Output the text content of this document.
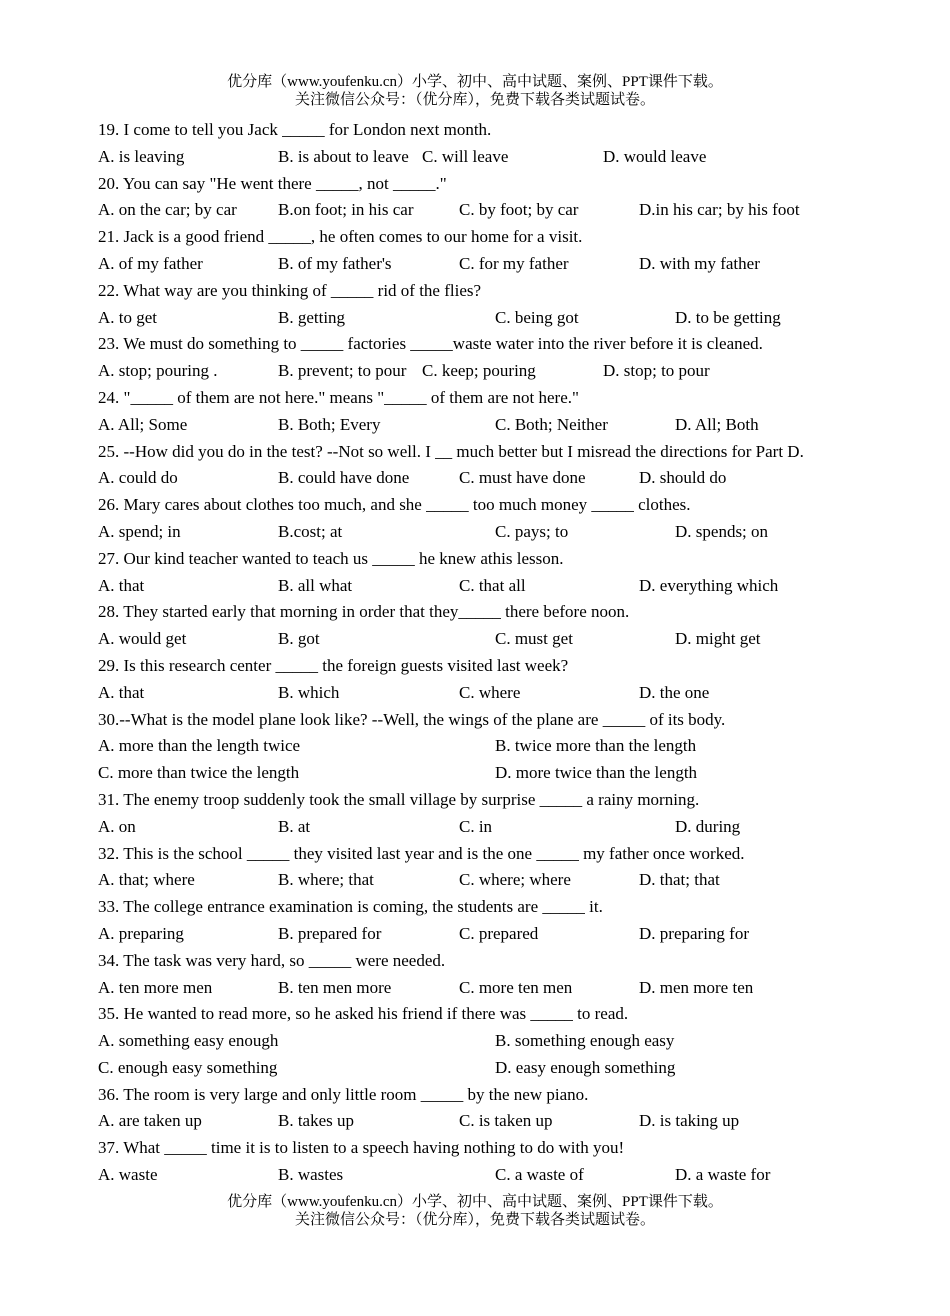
优分库（www.youfenku.cn）小学、初中、高中试题、案例、PPT课件下载。
关注微信公众号：（优分库），免费下载各类试题试卷。
19. I come to tell you Jack _____ for London next month.
A. is leaving	B. is about to leave C. will leave	D. would leave
20. You can say "He went there _____, not _____."
A. on the car; by car B.on foot; in his car	C. by foot; by car	D.in his car; by his foot
21. Jack is a good friend _____, he often comes to our home for a visit.
A. of my father	B. of my father's	C. for my father	D. with my father
22. What way are you thinking of _____ rid of the flies?
A. to get	B. getting	C. being got	D. to be getting
23. We must do something to _____ factories _____waste water into the river before it is cleaned.
A. stop; pouring .	B. prevent; to pour C. keep; pouring	D. stop; to pour
24. "_____ of them are not here." means "_____ of them are not here."
A. All; Some	B. Both; Every	C. Both; Neither	D. All; Both
25. --How did you do in the test? --Not so well. I __ much better but I misread the directions for Part D.
A. could do	B. could have done	C. must have done	D. should do
26. Mary cares about clothes too much, and she _____ too much money _____ clothes.
A. spend; in	B.cost; at	C. pays; to	D. spends; on
27. Our kind teacher wanted to teach us _____ he knew athis lesson.
A. that	B. all what	C. that all	D. everything which
28. They started early that morning in order that they_____ there before noon.
A. would get	B. got	C. must get	D. might get
29. Is this research center _____ the foreign guests visited last week?
A. that	B. which	C. where	D. the one
30.--What is the model plane look like? --Well, the wings of the plane are _____ of its body.
A. more than the length twice	B. twice more than the length
C. more than twice the length	D. more twice than the length
31. The enemy troop suddenly took the small village by surprise _____ a rainy morning.
A. on	B. at	C. in	D. during
32. This is the school _____ they visited last year and is the one _____ my father once worked.
A. that; where	B. where; that	C. where; where	D. that; that
33. The college entrance examination is coming, the students are _____ it.
A. preparing	B. prepared for	C. prepared	D. preparing for
34. The task was very hard, so _____ were needed.
A. ten more men	B. ten men more	C. more ten men	D. men more ten
35. He wanted to read more, so he asked his friend if there was _____ to read.
A. something easy enough	B. something enough easy
C. enough easy something	D. easy enough something
36. The room is very large and only little room _____ by the new piano.
A. are taken up	B. takes up	C. is taken up	D. is taking up
37. What _____ time it is to listen to a speech having nothing to do with you!
A. waste	B. wastes	C. a waste of	D. a waste for
优分库（www.youfenku.cn）小学、初中、高中试题、案例、PPT课件下载。
关注微信公众号：（优分库），免费下载各类试题试卷。
